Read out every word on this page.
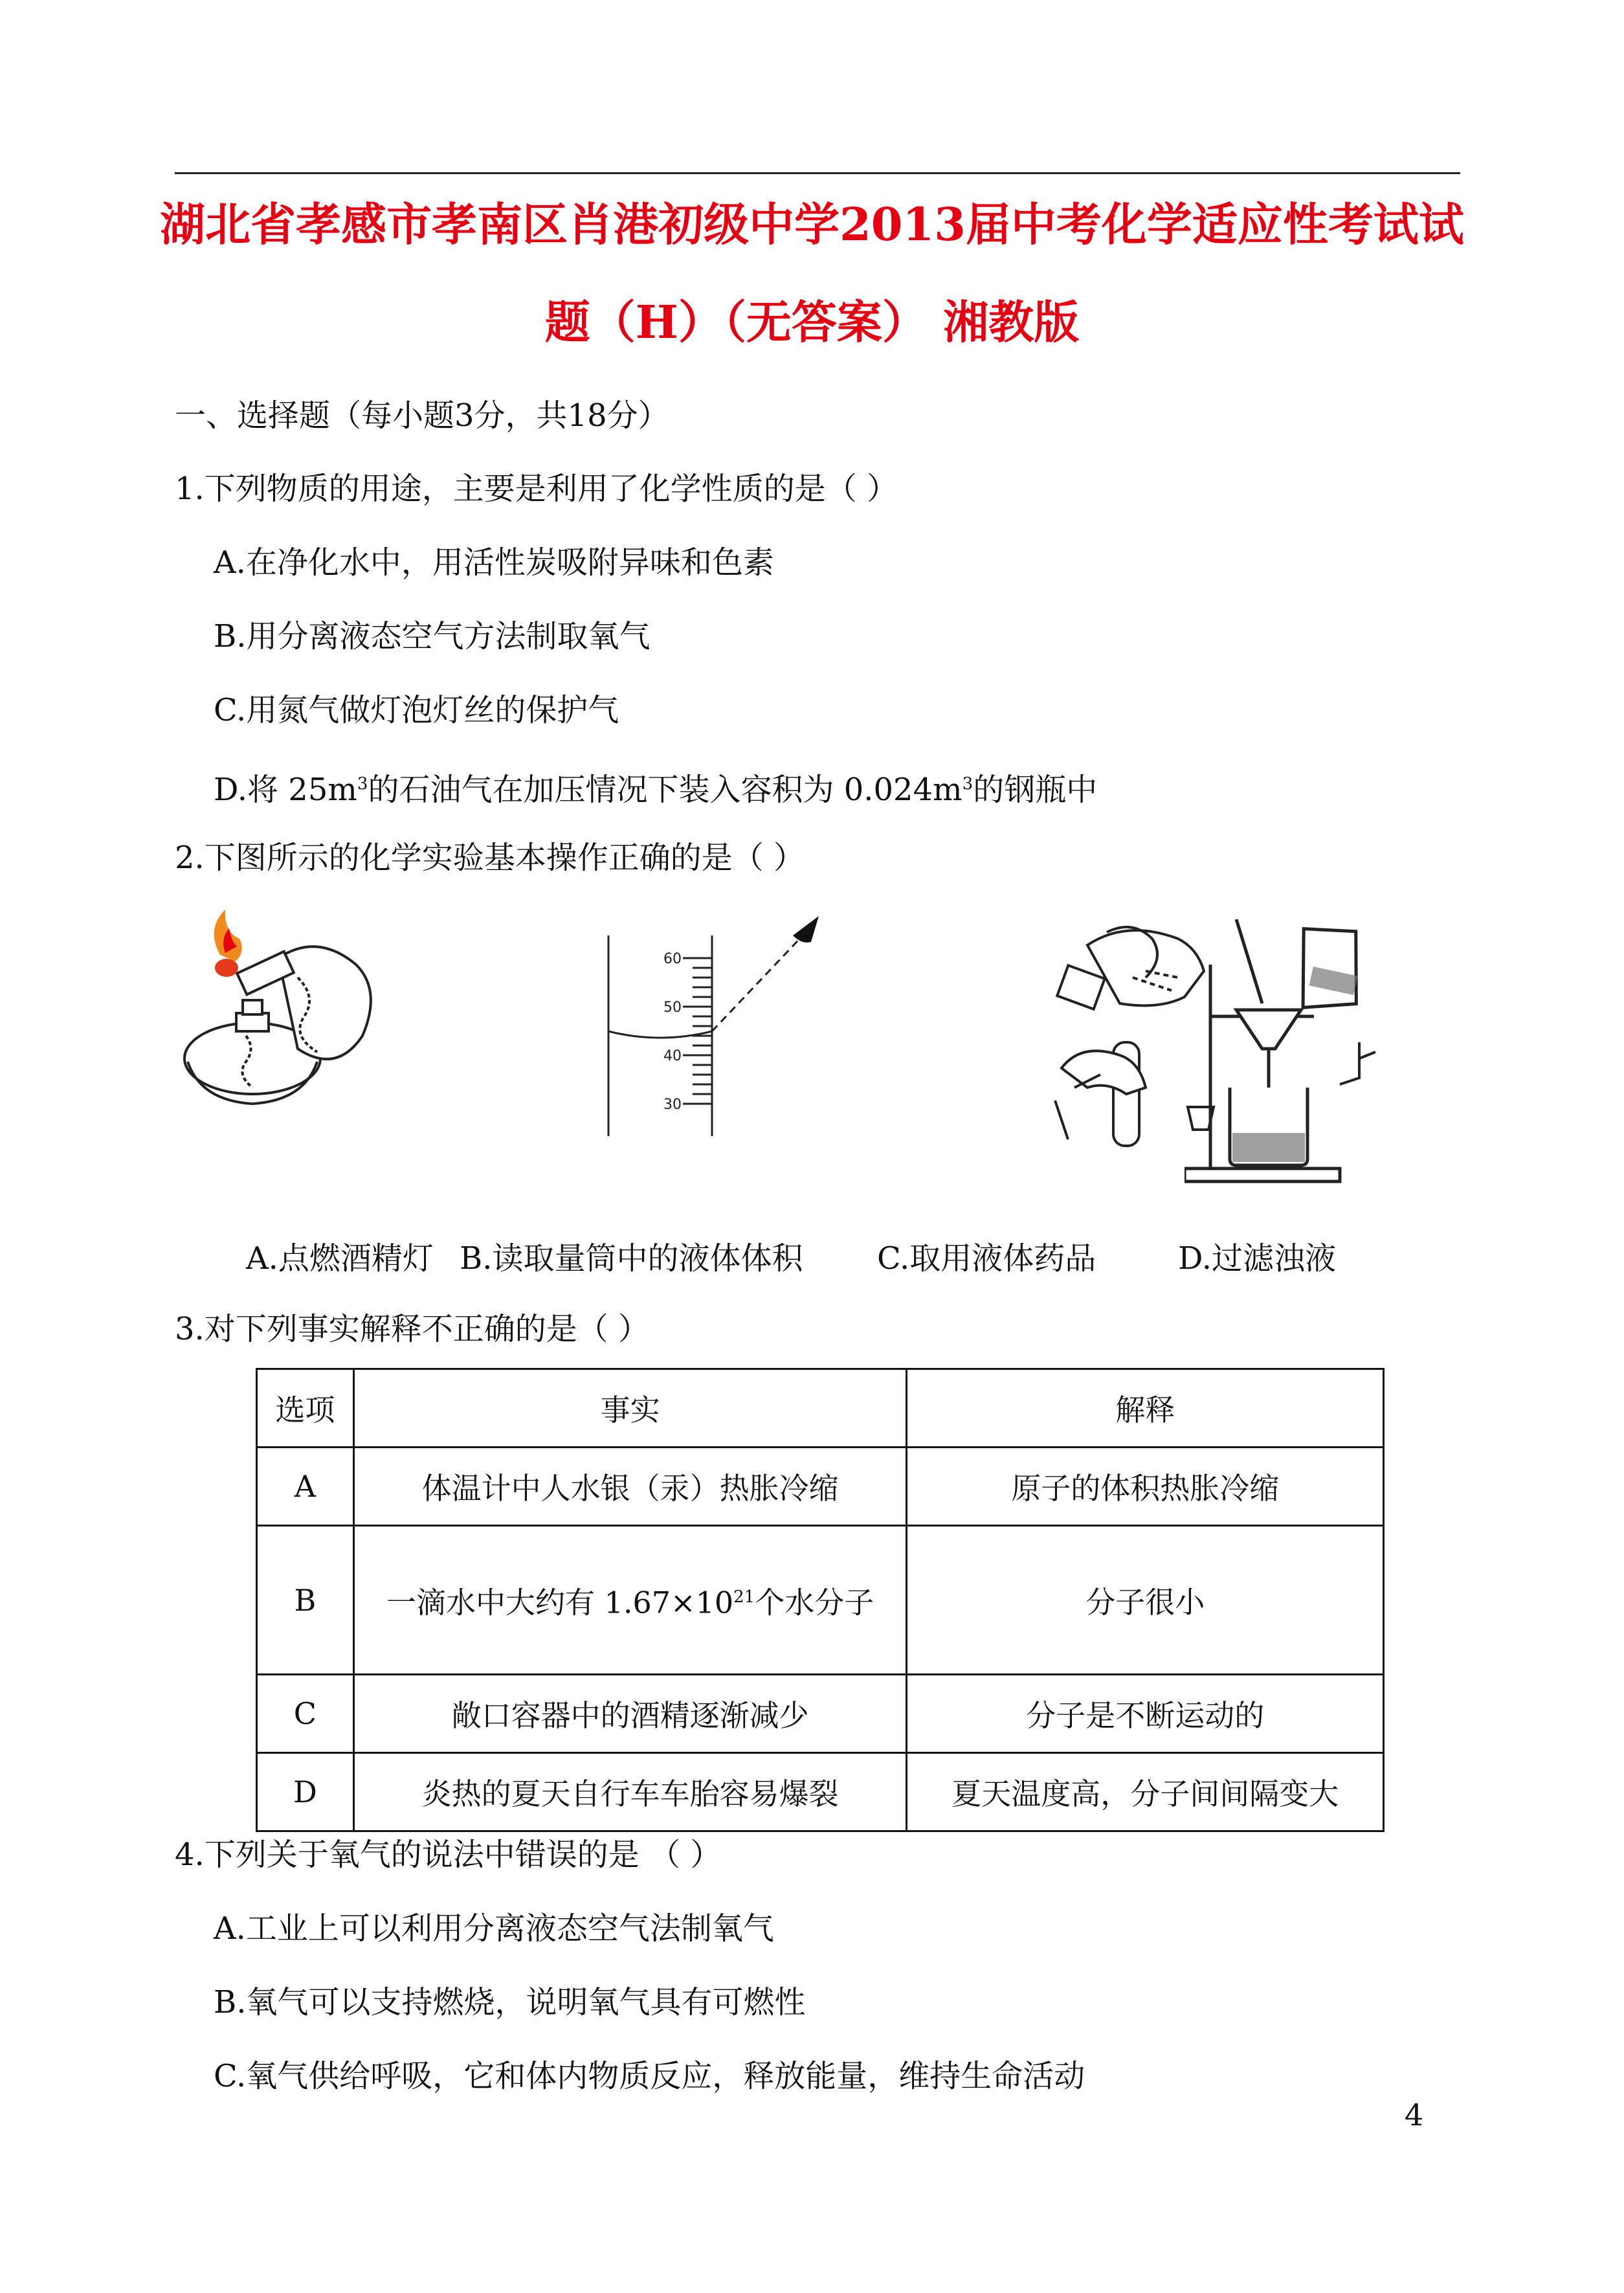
湖北省孝感市孝南区肖港初级中学2013届中考化学适应性考试试
题（H）（无答案） 湘教版
一、选择题（每小题3分，共18分）
1.下列物质的用途，主要是利用了化学性质的是（ ）
A.在净化水中，用活性炭吸附异味和色素
B.用分离液态空气方法制取氧气
C.用氮气做灯泡灯丝的保护气
D.将 $25m^3$的石油气在加压情况下装入容积为 $0.024m^3$的钢瓶中
2.下图所示的化学实验基本操作正确的是（ ）
60
50
40
30
A.点燃酒精灯 B.读取量筒中的液体体积 C.取用液体药品	D.过滤浊液
3.对下列事实解释不正确的是（ ）
选项	事实	解释
A	体温计中人水银（汞）热胀冷缩	原子的体积热胀冷缩
B	一滴水中大约有 $1.67\times 10^{21}$个水分子	分子很小
C	敞口容器中的酒精逐渐减少	分子是不断运动的
D	炎热的夏天自行车车胎容易爆裂	夏天温度高，分子间间隔变大
4.下列关于氧气的说法中错误的是 （ ）
A.工业上可以利用分离液态空气法制氧气
B.氧气可以支持燃烧，说明氧气具有可燃性
C.氧气供给呼吸，它和体内物质反应，释放能量，维持生命活动
4
